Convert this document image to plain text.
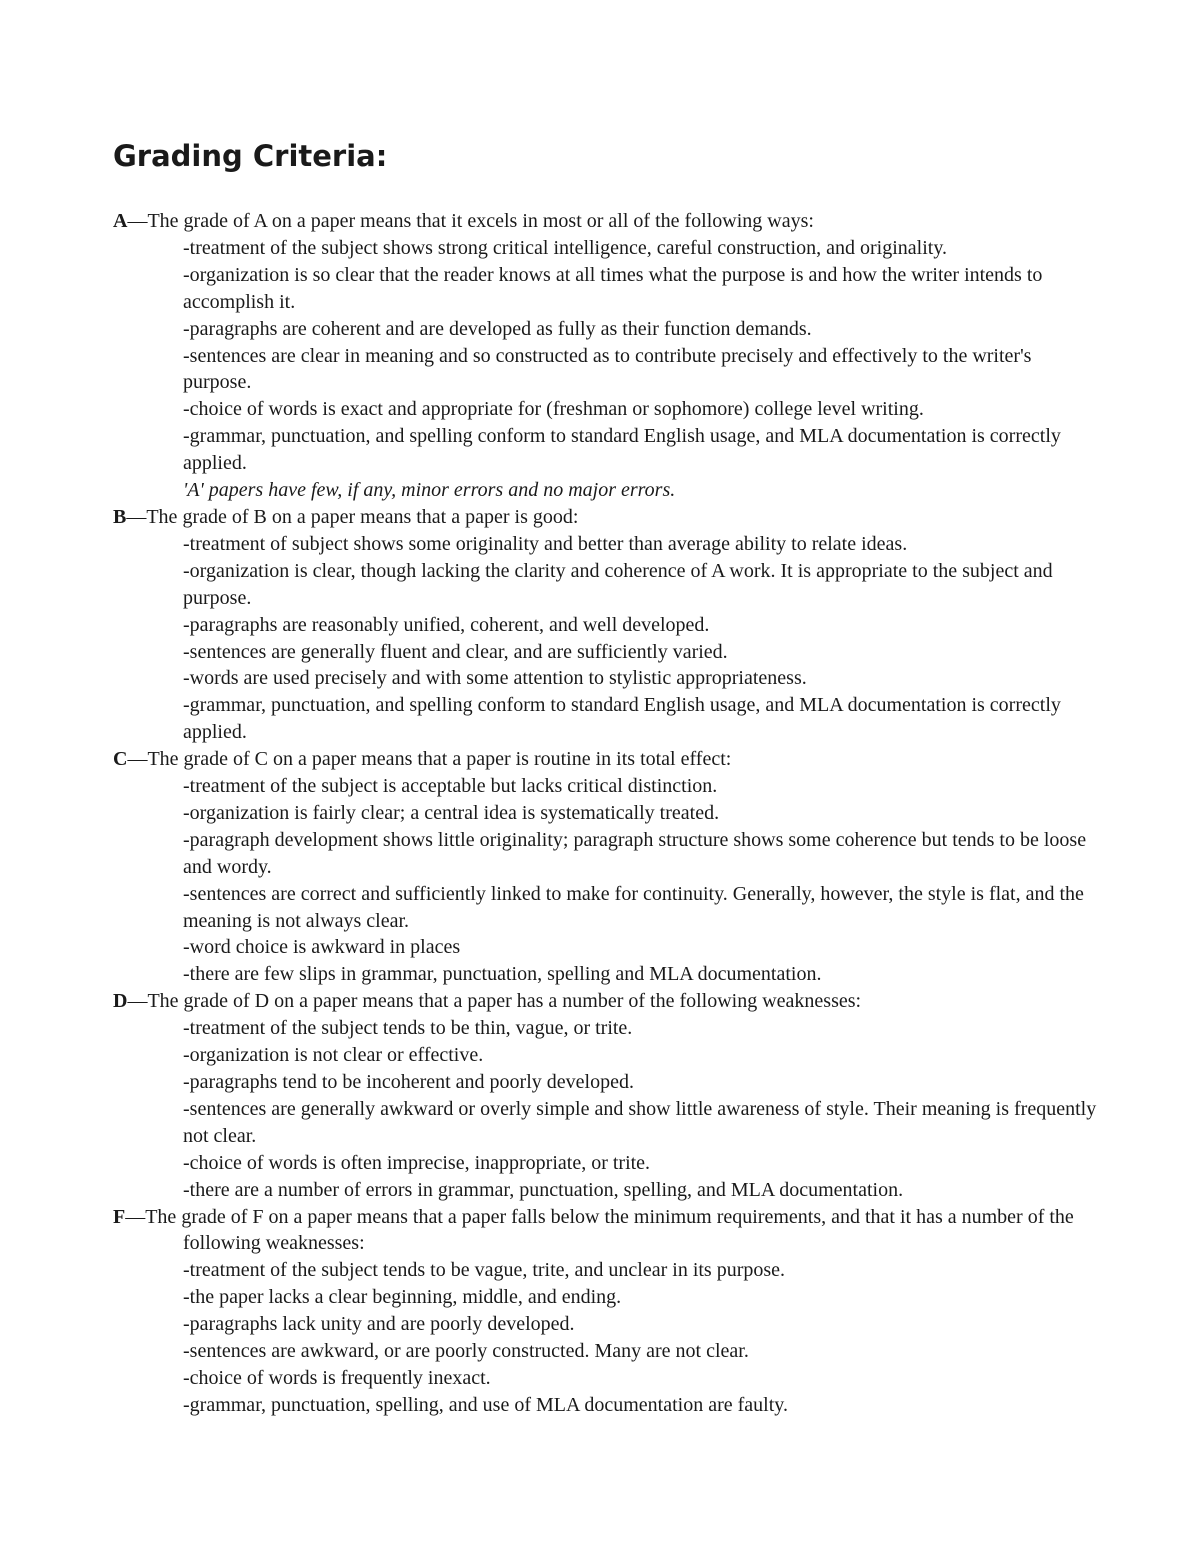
Grading Criteria:
A—The grade of A on a paper means that it excels in most or all of the following ways:
-treatment of the subject shows strong critical intelligence, careful construction, and originality.
-organization is so clear that the reader knows at all times what the purpose is and how the writer intends to accomplish it.
-paragraphs are coherent and are developed as fully as their function demands.
-sentences are clear in meaning and so constructed as to contribute precisely and effectively to the writer's purpose.
-choice of words is exact and appropriate for (freshman or sophomore) college level writing.
-grammar, punctuation, and spelling conform to standard English usage, and MLA documentation is correctly applied.
'A' papers have few, if any, minor errors and no major errors.
B—The grade of B on a paper means that a paper is good:
-treatment of subject shows some originality and better than average ability to relate ideas.
-organization is clear, though lacking the clarity and coherence of A work. It is appropriate to the subject and purpose.
-paragraphs are reasonably unified, coherent, and well developed.
-sentences are generally fluent and clear, and are sufficiently varied.
-words are used precisely and with some attention to stylistic appropriateness.
-grammar, punctuation, and spelling conform to standard English usage, and MLA documentation is correctly applied.
C—The grade of C on a paper means that a paper is routine in its total effect:
-treatment of the subject is acceptable but lacks critical distinction.
-organization is fairly clear; a central idea is systematically treated.
-paragraph development shows little originality; paragraph structure shows some coherence but tends to be loose and wordy.
-sentences are correct and sufficiently linked to make for continuity. Generally, however, the style is flat, and the meaning is not always clear.
-word choice is awkward in places
-there are few slips in grammar, punctuation, spelling and MLA documentation.
D—The grade of D on a paper means that a paper has a number of the following weaknesses:
-treatment of the subject tends to be thin, vague, or trite.
-organization is not clear or effective.
-paragraphs tend to be incoherent and poorly developed.
-sentences are generally awkward or overly simple and show little awareness of style. Their meaning is frequently not clear.
-choice of words is often imprecise, inappropriate, or trite.
-there are a number of errors in grammar, punctuation, spelling, and MLA documentation.
F—The grade of F on a paper means that a paper falls below the minimum requirements, and that it has a number of the following weaknesses:
-treatment of the subject tends to be vague, trite, and unclear in its purpose.
-the paper lacks a clear beginning, middle, and ending.
-paragraphs lack unity and are poorly developed.
-sentences are awkward, or are poorly constructed. Many are not clear.
-choice of words is frequently inexact.
-grammar, punctuation, spelling, and use of MLA documentation are faulty.
